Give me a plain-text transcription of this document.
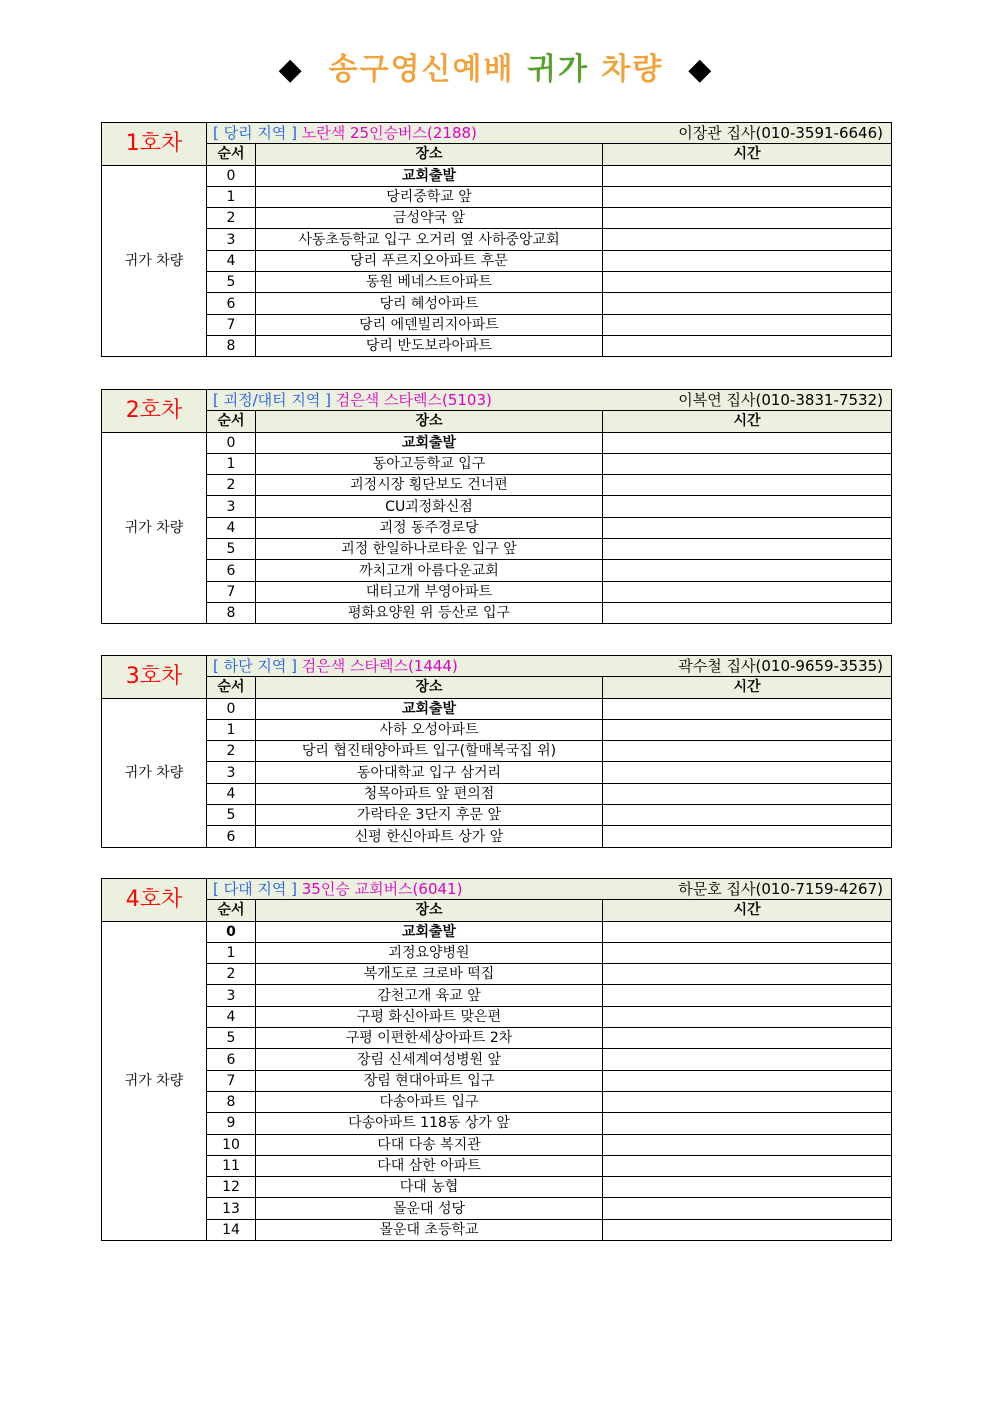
◆ 송구영신예배 귀가 차량 ◆
1호차	[ 당리 지역 ] 노란색 25인승버스(2188) 이장관 집사(010-3591-6646)		

	순서	장소	시간
귀가 차량	0	교회출발	
	1	당리중학교 앞	
	2	금성약국 앞	
	3	사동초등학교 입구 오거리 옆 사하중앙교회	
	4	당리 푸르지오아파트 후문	
	5	동원 베네스트아파트	
	6	당리 혜성아파트	
	7	당리 에덴빌리지아파트	
	8	당리 반도보라아파트	
2호차	[ 괴정/대티 지역 ] 검은색 스타렉스(5103) 이복연 집사(010-3831-7532)		

	순서	장소	시간
귀가 차량	0	교회출발	
	1	동아고등학교 입구	
	2	괴정시장 횡단보도 건너편	
	3	CU괴정화신점	
	4	괴정 동주경로당	
	5	괴정 한일하나로타운 입구 앞	
	6	까치고개 아름다운교회	
	7	대티고개 부영아파트	
	8	평화요양원 위 등산로 입구	
3호차	[ 하단 지역 ] 검은색 스타렉스(1444) 곽수철 집사(010-9659-3535)		

	순서	장소	시간
귀가 차량	0	교회출발	
	1	사하 오성아파트	
	2	당리 협진태양아파트 입구(할매복국집 위)	
	3	동아대학교 입구 삼거리	
	4	청목아파트 앞 편의점	
	5	가락타운 3단지 후문 앞	
	6	신평 한신아파트 상가 앞	
4호차	[ 다대 지역 ] 35인승 교회버스(6041) 하문호 집사(010-7159-4267)		

	순서	장소	시간
귀가 차량	0	교회출발	
	1	괴정요양병원	
	2	복개도로 크로바 떡집	
	3	감천고개 육교 앞	
	4	구평 화신아파트 맞은편	
	5	구평 이편한세상아파트 2차	
	6	장림 신세계여성병원 앞	
	7	장림 현대아파트 입구	
	8	다송아파트 입구	
	9	다송아파트 118동 상가 앞	
	10	다대 다송 복지관	
	11	다대 삼한 아파트	
	12	다대 농협	
	13	몰운대 성당	
	14	몰운대 초등학교	
